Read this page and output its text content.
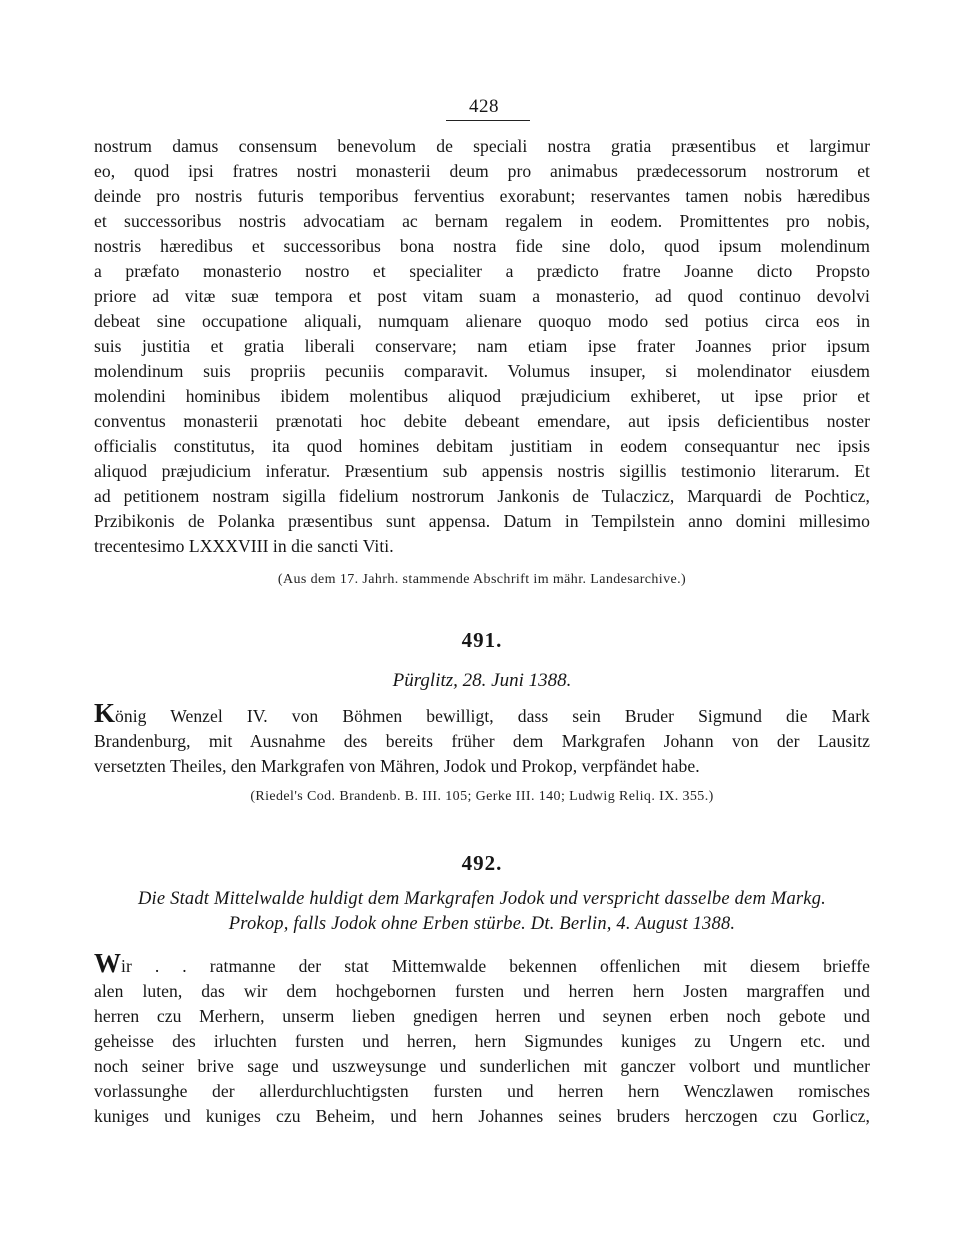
428
nostrum damus consensum benevolum de speciali nostra gratia præsentibus et largimur
eo, quod ipsi fratres nostri monasterii deum pro animabus prædecessorum nostrorum et
deinde pro nostris futuris temporibus ferventius exorabunt; reservantes tamen nobis hæredibus
et successoribus nostris advocatiam ac bernam regalem in eodem. Promittentes pro nobis,
nostris hæredibus et successoribus bona nostra fide sine dolo, quod ipsum molendinum
a præfato monasterio nostro et specialiter a prædicto fratre Joanne dicto Propsto
priore ad vitæ suæ tempora et post vitam suam a monasterio, ad quod continuo devolvi
debeat sine occupatione aliquali, numquam alienare quoquo modo sed potius circa eos in
suis justitia et gratia liberali conservare; nam etiam ipse frater Joannes prior ipsum
molendinum suis propriis pecuniis comparavit. Volumus insuper, si molendinator eiusdem
molendini hominibus ibidem molentibus aliquod præjudicium exhiberet, ut ipse prior et
conventus monasterii prænotati hoc debite debeant emendare, aut ipsis deficientibus noster
officialis constitutus, ita quod homines debitam justitiam in eodem consequantur nec ipsis
aliquod præjudicium inferatur. Præsentium sub appensis nostris sigillis testimonio literarum. Et
ad petitionem nostram sigilla fidelium nostrorum Jankonis de Tulaczicz, Marquardi de Pochticz,
Przibikonis de Polanka præsentibus sunt appensa. Datum in Tempilstein anno domini millesimo
trecentesimo LXXXVIII in die sancti Viti.
(Aus dem 17. Jahrh. stammende Abschrift im mähr. Landesarchive.)
491.
Pürglitz, 28. Juni 1388.
König Wenzel IV. von Böhmen bewilligt, dass sein Bruder Sigmund die Mark
Brandenburg, mit Ausnahme des bereits früher dem Markgrafen Johann von der Lausitz
versetzten Theiles, den Markgrafen von Mähren, Jodok und Prokop, verpfändet habe.
(Riedel's Cod. Brandenb. B. III. 105; Gerke III. 140; Ludwig Reliq. IX. 355.)
492.
Die Stadt Mittelwalde huldigt dem Markgrafen Jodok und verspricht dasselbe dem Markg.
Prokop, falls Jodok ohne Erben stürbe. Dt. Berlin, 4. August 1388.
Wir . . ratmanne der stat Mittemwalde bekennen offenlichen mit diesem brieffe
alen luten, das wir dem hochgebornen fursten und herren hern Josten margraffen und
herren czu Merhern, unserm lieben gnedigen herren und seynen erben noch gebote und
geheisse des irluchten fursten und herren, hern Sigmundes kuniges zu Ungern etc. und
noch seiner brive sage und uszweysunge und sunderlichen mit ganczer volbort und muntlicher
vorlassunghe der allerdurchluchtigsten fursten und herren hern Wenczlawen romisches
kuniges und kuniges czu Beheim, und hern Johannes seines bruders herczogen czu Gorlicz,
